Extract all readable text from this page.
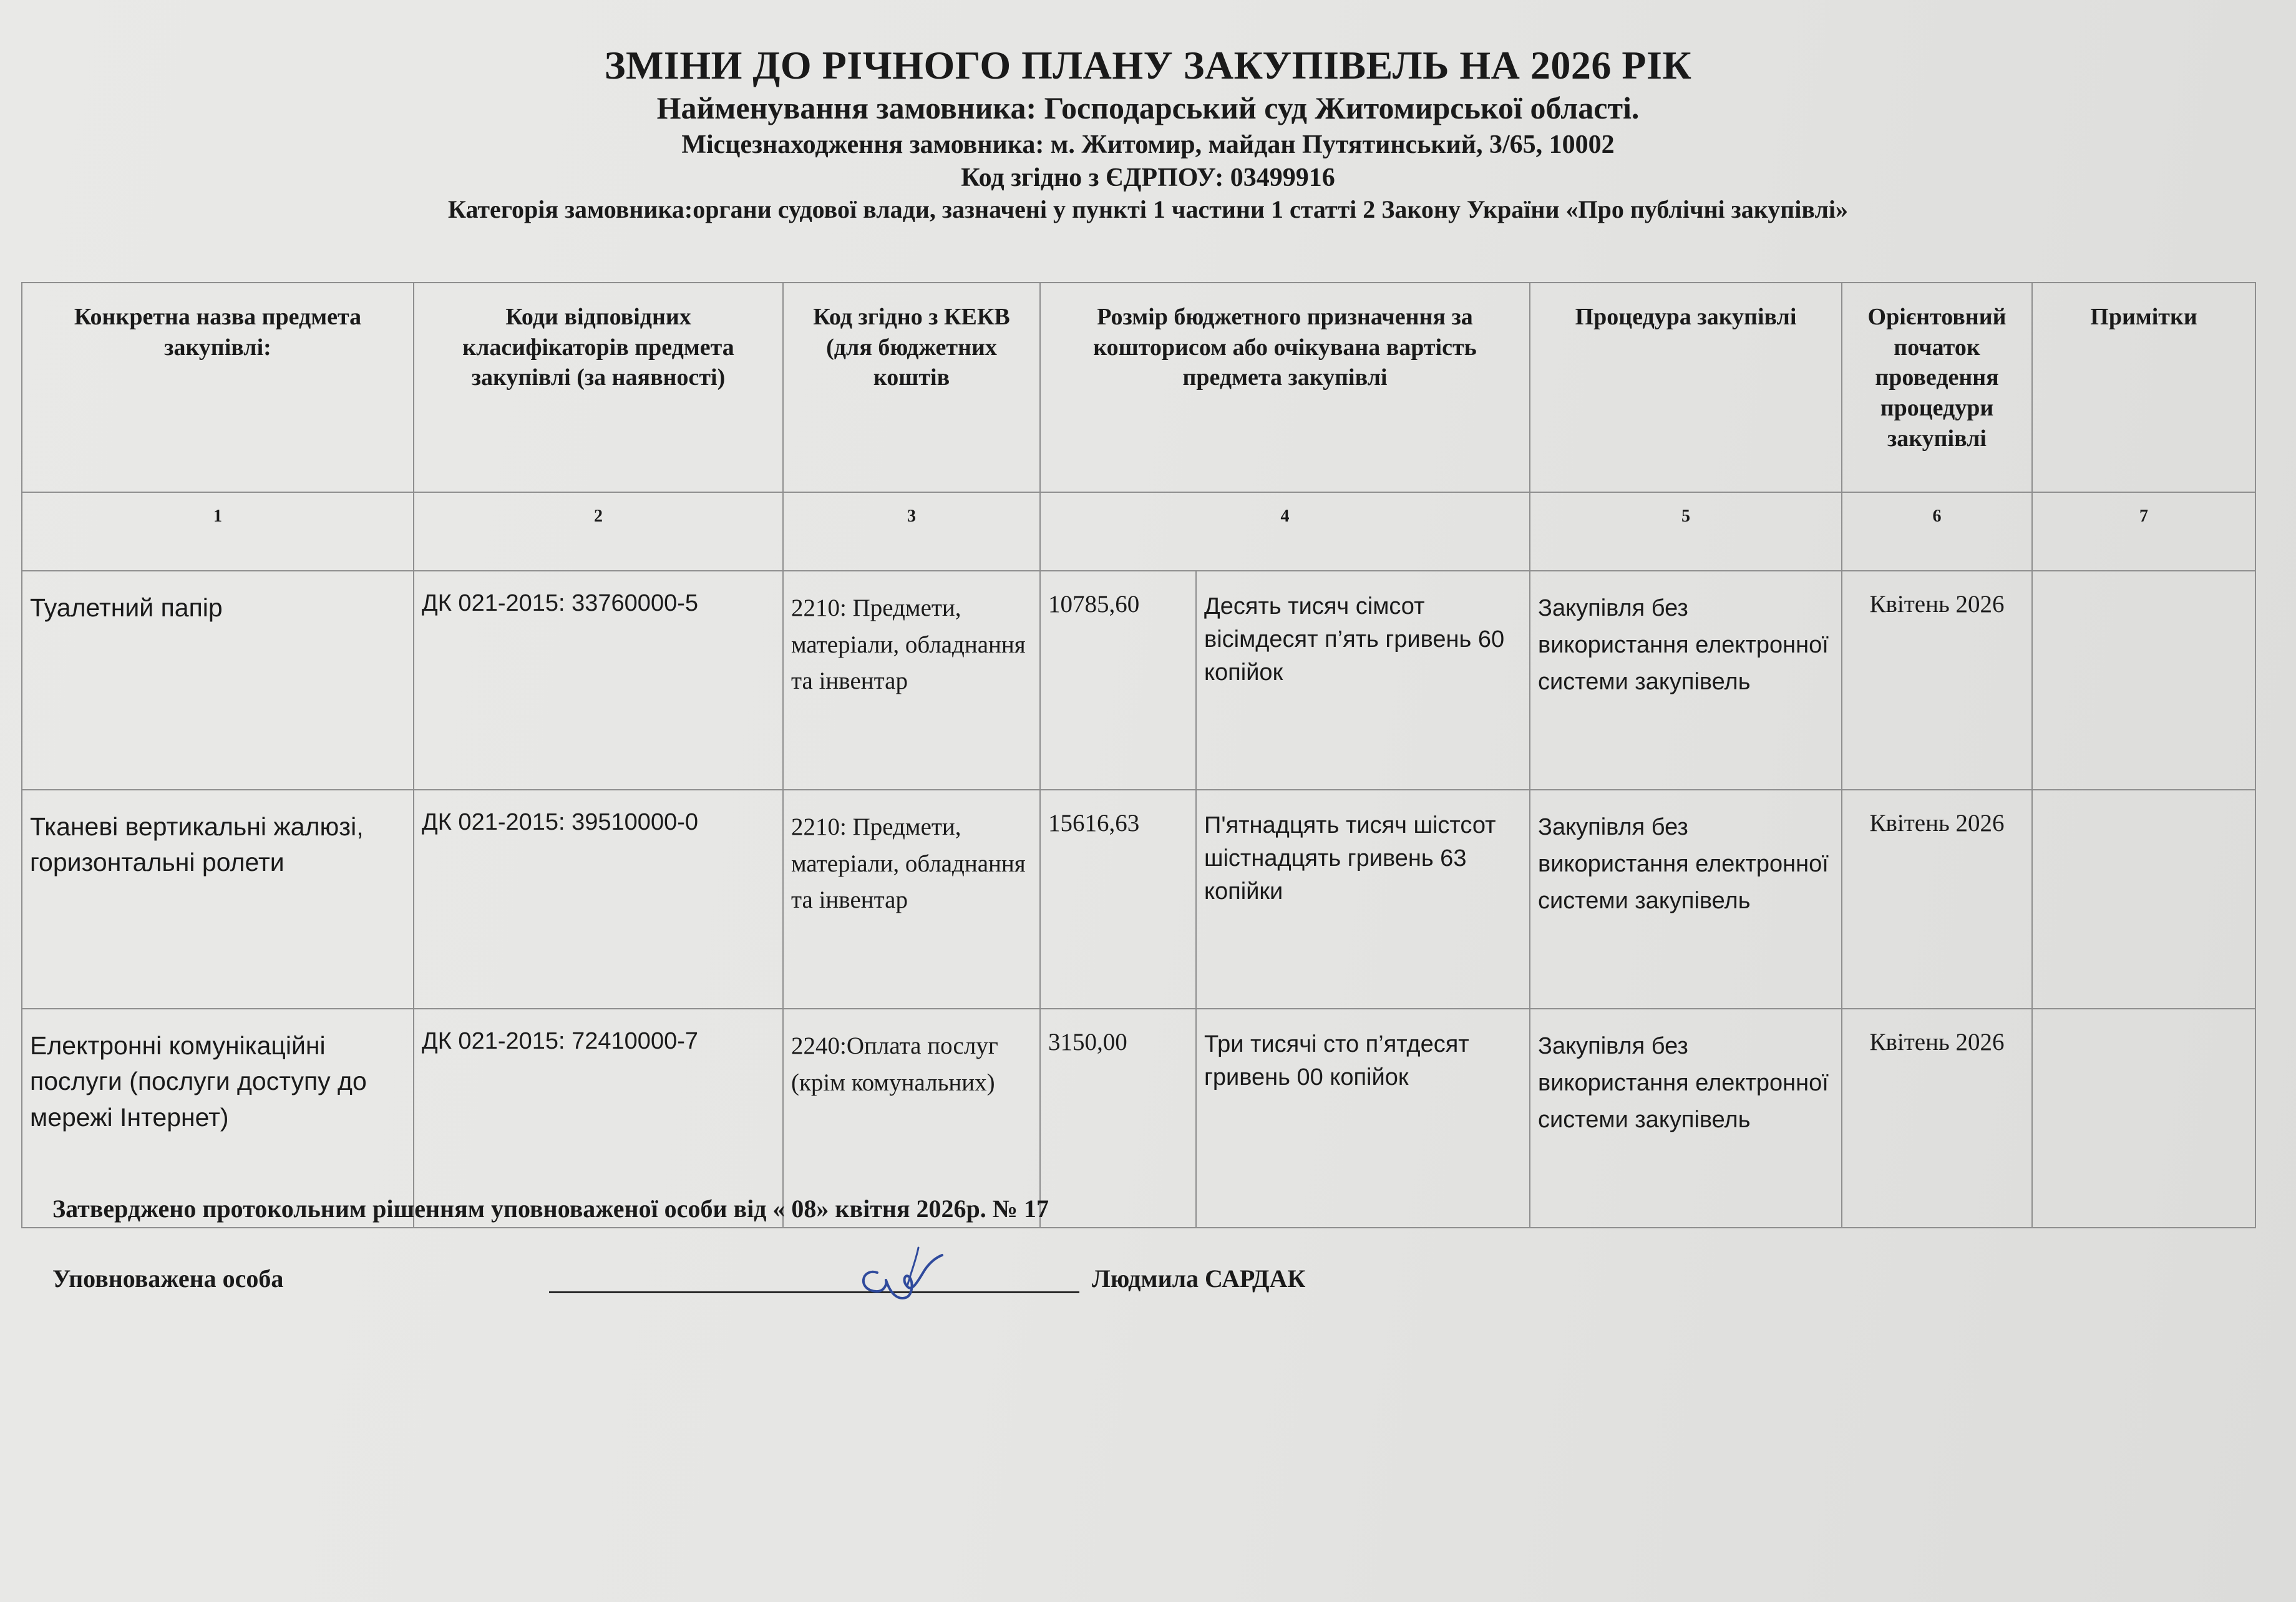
ЗМІНИ ДО РІЧНОГО ПЛАНУ ЗАКУПІВЕЛЬ НА 2026 РІК
Найменування замовника: Господарський суд Житомирської області.
Місцезнаходження замовника: м. Житомир, майдан Путятинський, 3/65, 10002
Код згідно з ЄДРПОУ: 03499916
Категорія замовника:органи судової влади, зазначені у пункті 1 частини 1 статті 2 Закону України «Про публічні закупівлі»
Конкретна назва предмета закупівлі:	Коди відповідних класифікаторів предмета закупівлі (за наявності)	Код згідно з КЕКВ (для бюджетних коштів	Розмір бюджетного призначення за кошторисом або очікувана вартість предмета закупівлі		Процедура закупівлі	Орієнтовний початок проведення процедури закупівлі	Примітки
1	2	3	4		5	6	7
Туалетний папір	ДК 021-2015: 33760000-5	2210: Предмети, матеріали, обладнання та інвентар	10785,60	Десять тисяч сімсот вісімдесят п’ять гривень 60 копійок	Закупівля без використання електронної системи закупівель	Квітень 2026	
Тканеві вертикальні жалюзі, горизонтальні ролети	ДК 021-2015: 39510000-0	2210: Предмети, матеріали, обладнання та інвентар	15616,63	П'ятнадцять тисяч шістсот шістнадцять гривень 63 копійки	Закупівля без використання електронної системи закупівель	Квітень 2026	
Електронні комунікаційні послуги (послуги доступу до мережі Інтернет)	ДК 021-2015: 72410000-7	2240:Оплата послуг (крім комунальних)	3150,00	Три тисячі сто п’ятдесят гривень 00 копійок	Закупівля без використання електронної системи закупівель	Квітень 2026	
Затверджено протокольним рішенням уповноваженої особи від « 08» квітня 2026р. № 17
Уповноважена особа	Людмила САРДАК
